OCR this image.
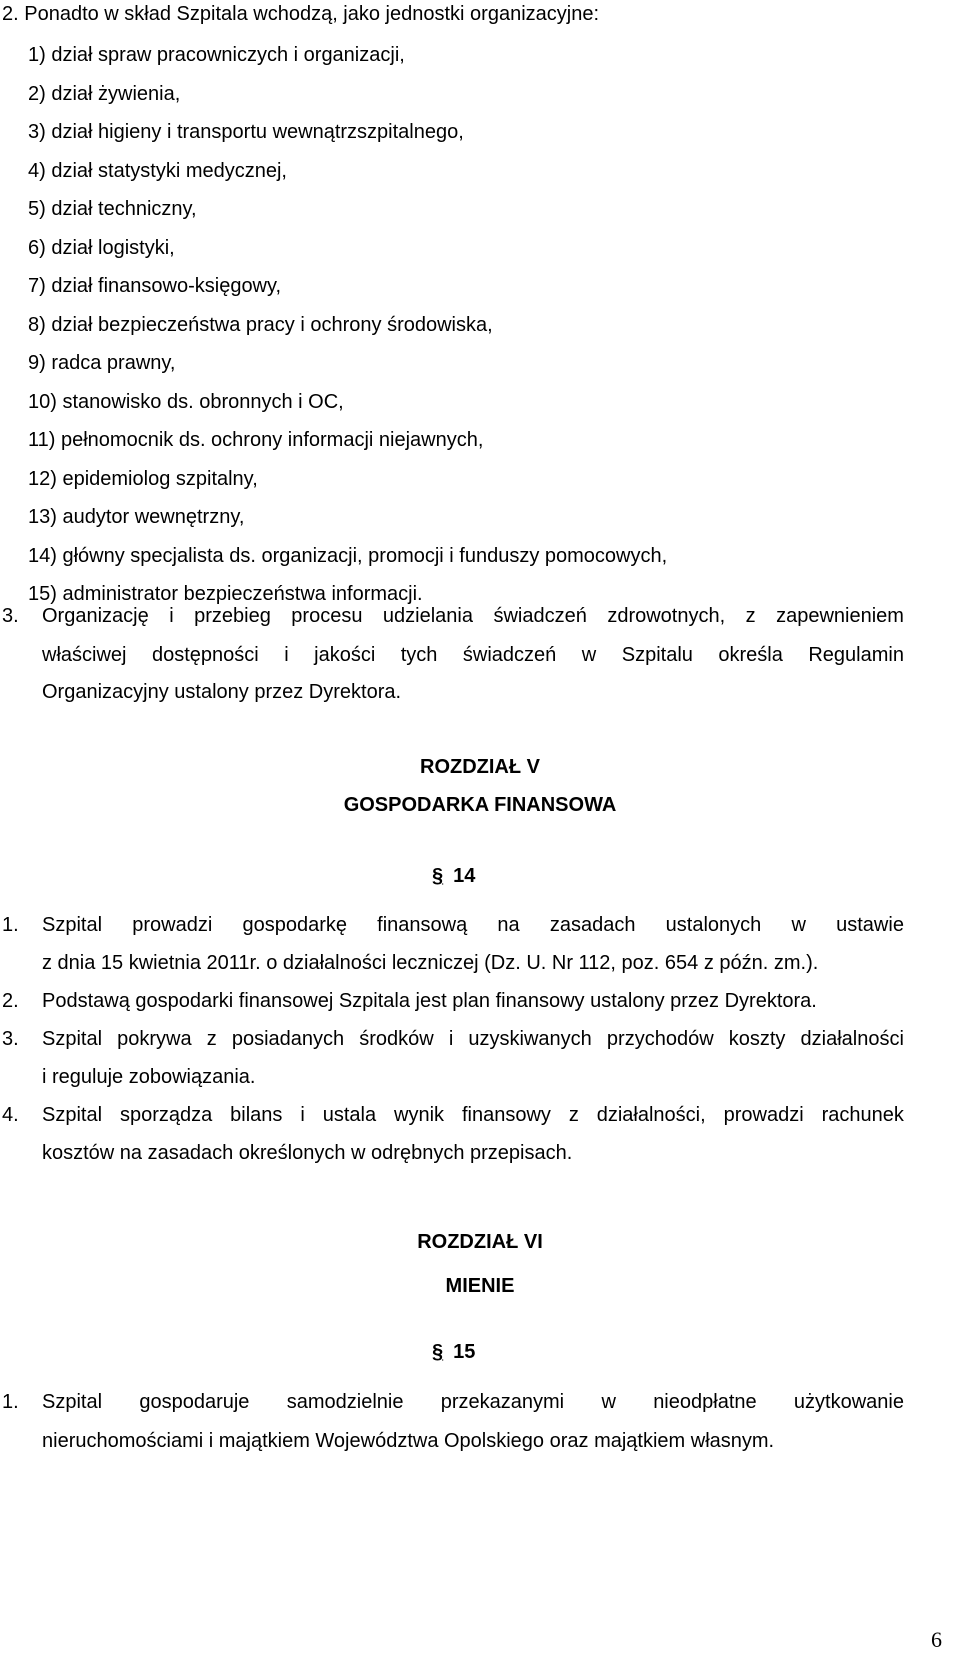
2. Ponadto w skład Szpitala wchodzą, jako jednostki organizacyjne:
1) dział spraw pracowniczych i organizacji,
2) dział żywienia,
3) dział higieny i transportu wewnątrzszpitalnego,
4) dział statystyki medycznej,
5) dział techniczny,
6) dział logistyki,
7) dział finansowo-księgowy,
8) dział bezpieczeństwa pracy i ochrony środowiska,
9) radca prawny,
10) stanowisko ds. obronnych i OC,
11) pełnomocnik ds. ochrony informacji niejawnych,
12) epidemiolog szpitalny,
13) audytor wewnętrzny,
14) główny specjalista ds. organizacji, promocji i funduszy pomocowych,
15) administrator bezpieczeństwa informacji.
3. Organizację i przebieg procesu udzielania świadczeń zdrowotnych, z zapewnieniem
właściwej dostępności i jakości tych świadczeń w Szpitalu określa Regulamin
Organizacyjny ustalony przez Dyrektora.
ROZDZIAŁ V
GOSPODARKA FINANSOWA
§ 14
1. Szpital prowadzi gospodarkę finansową na zasadach ustalonych w ustawie
z dnia 15 kwietnia 2011r. o działalności leczniczej (Dz. U. Nr 112, poz. 654 z późn. zm.).
2. Podstawą gospodarki finansowej Szpitala jest plan finansowy ustalony przez Dyrektora.
3. Szpital pokrywa z posiadanych środków i uzyskiwanych przychodów koszty działalności
i reguluje zobowiązania.
4. Szpital sporządza bilans i ustala wynik finansowy z działalności, prowadzi rachunek
kosztów na zasadach określonych w odrębnych przepisach.
ROZDZIAŁ VI
MIENIE
§ 15
1. Szpital gospodaruje samodzielnie przekazanymi w nieodpłatne użytkowanie
nieruchomościami i majątkiem Województwa Opolskiego oraz majątkiem własnym.
6
